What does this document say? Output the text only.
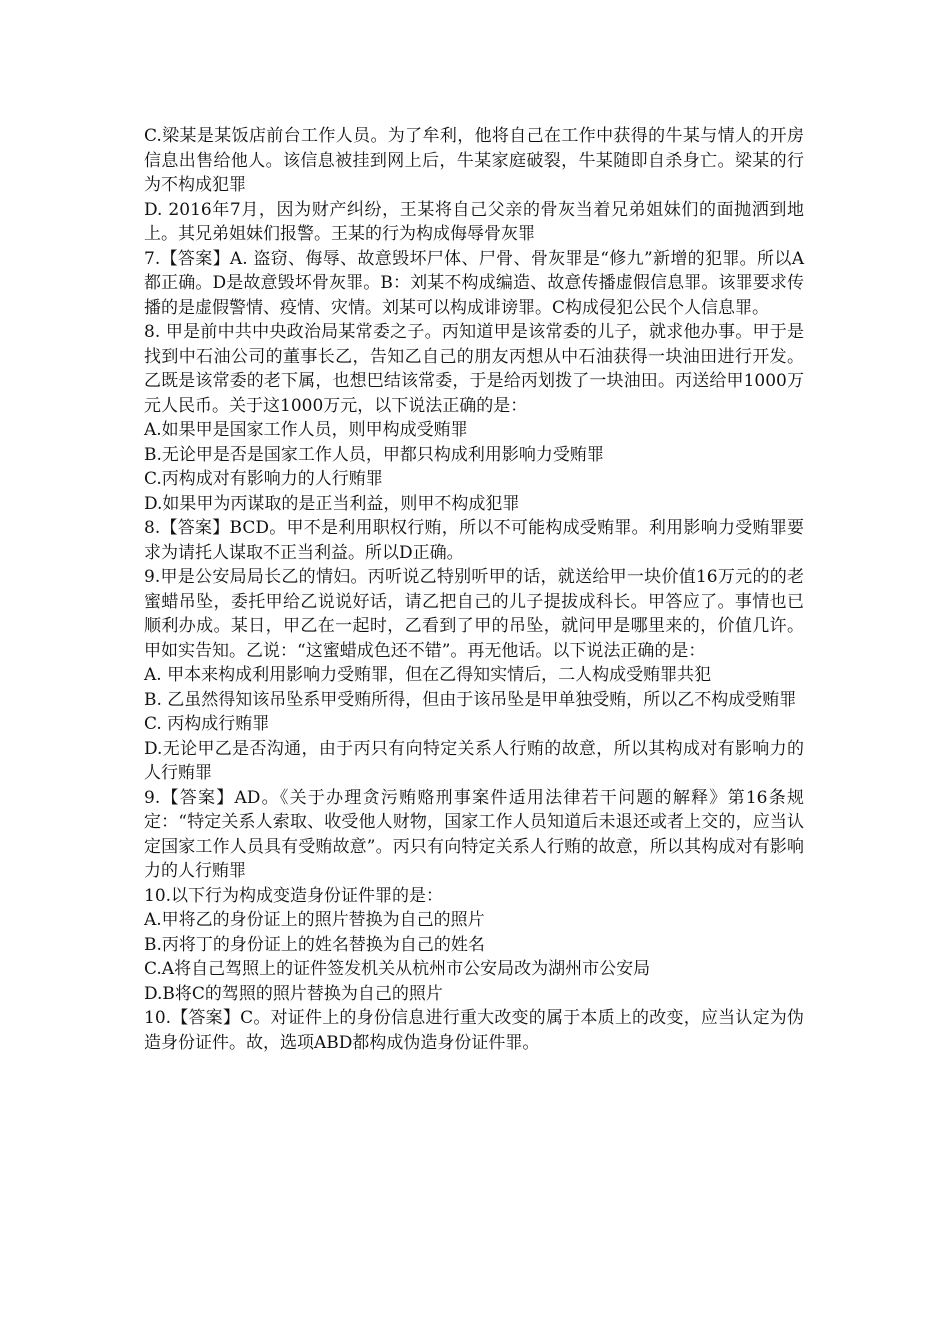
C.梁某是某饭店前台工作人员。为了牟利，他将自己在工作中获得的牛某与情人的开房信息出售给他人。该信息被挂到网上后，牛某家庭破裂，牛某随即自杀身亡。梁某的行为不构成犯罪

D. 2016年7月，因为财产纠纷，王某将自己父亲的骨灰当着兄弟姐妹们的面抛洒到地上。其兄弟姐妹们报警。王某的行为构成侮辱骨灰罪

7.【答案】A. 盗窃、侮辱、故意毁坏尸体、尸骨、骨灰罪是“修九”新增的犯罪。所以A都正确。D是故意毁坏骨灰罪。B：刘某不构成编造、故意传播虚假信息罪。该罪要求传播的是虚假警情、疫情、灾情。刘某可以构成诽谤罪。C构成侵犯公民个人信息罪。

8. 甲是前中共中央政治局某常委之子。丙知道甲是该常委的儿子，就求他办事。甲于是找到中石油公司的董事长乙，告知乙自己的朋友丙想从中石油获得一块油田进行开发。乙既是该常委的老下属，也想巴结该常委，于是给丙划拨了一块油田。丙送给甲1000万元人民币。关于这1000万元，以下说法正确的是：

A.如果甲是国家工作人员，则甲构成受贿罪

B.无论甲是否是国家工作人员，甲都只构成利用影响力受贿罪

C.丙构成对有影响力的人行贿罪

D.如果甲为丙谋取的是正当利益，则甲不构成犯罪

8.【答案】BCD。甲不是利用职权行贿，所以不可能构成受贿罪。利用影响力受贿罪要求为请托人谋取不正当利益。所以D正确。

9.甲是公安局局长乙的情妇。丙听说乙特别听甲的话，就送给甲一块价值16万元的的老蜜蜡吊坠，委托甲给乙说说好话，请乙把自己的儿子提拔成科长。甲答应了。事情也已顺利办成。某日，甲乙在一起时，乙看到了甲的吊坠，就问甲是哪里来的，价值几许。甲如实告知。乙说：“这蜜蜡成色还不错”。再无他话。以下说法正确的是：

A. 甲本来构成利用影响力受贿罪，但在乙得知实情后，二人构成受贿罪共犯

B. 乙虽然得知该吊坠系甲受贿所得，但由于该吊坠是甲单独受贿，所以乙不构成受贿罪

C. 丙构成行贿罪

D.无论甲乙是否沟通，由于丙只有向特定关系人行贿的故意，所以其构成对有影响力的人行贿罪

9.【答案】AD。《关于办理贪污贿赂刑事案件适用法律若干问题的解释》第16条规定：“特定关系人索取、收受他人财物，国家工作人员知道后未退还或者上交的，应当认定国家工作人员具有受贿故意”。丙只有向特定关系人行贿的故意，所以其构成对有影响力的人行贿罪

10.以下行为构成变造身份证件罪的是：

A.甲将乙的身份证上的照片替换为自己的照片

B.丙将丁的身份证上的姓名替换为自己的姓名

C.A将自己驾照上的证件签发机关从杭州市公安局改为湖州市公安局

D.B将C的驾照的照片替换为自己的照片

10.【答案】C。对证件上的身份信息进行重大改变的属于本质上的改变，应当认定为伪造身份证件。故，选项ABD都构成伪造身份证件罪。
